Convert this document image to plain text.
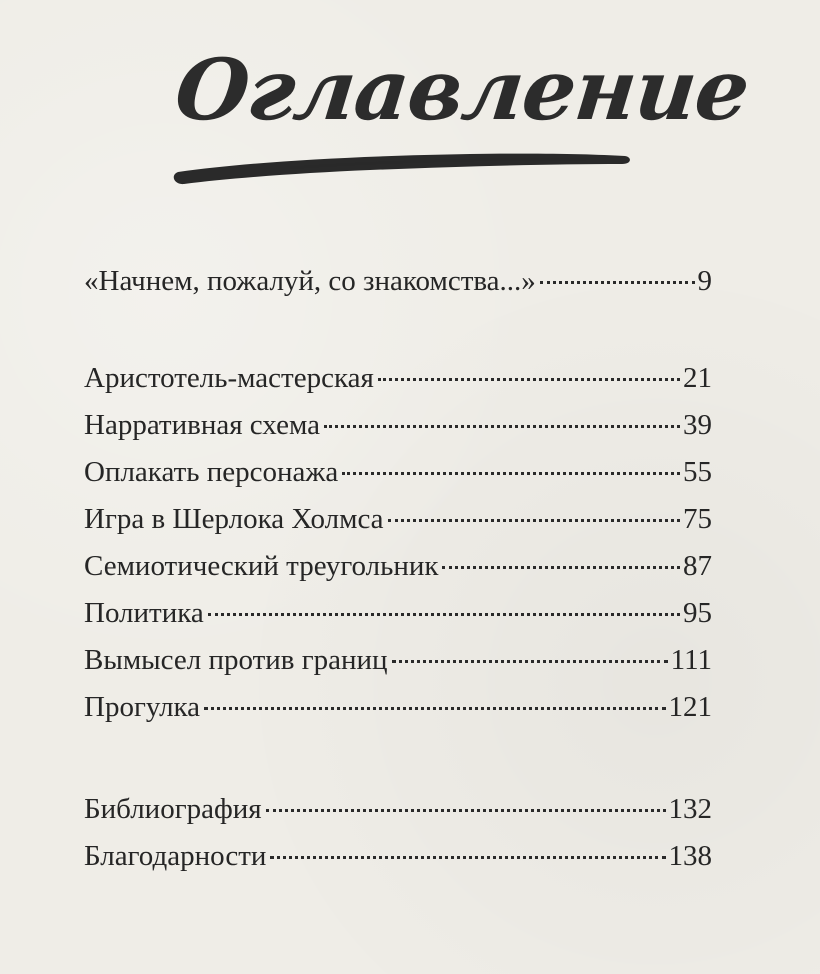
Оглавление
«Начнем, пожалуй, со знакомства...»	9
Аристотель-мастерская	21
Нарративная схема	39
Оплакать персонажа	55
Игра в Шерлока Холмса	75
Семиотический треугольник	87
Политика	95
Вымысел против границ	111
Прогулка	121
Библиография	132
Благодарности	138
